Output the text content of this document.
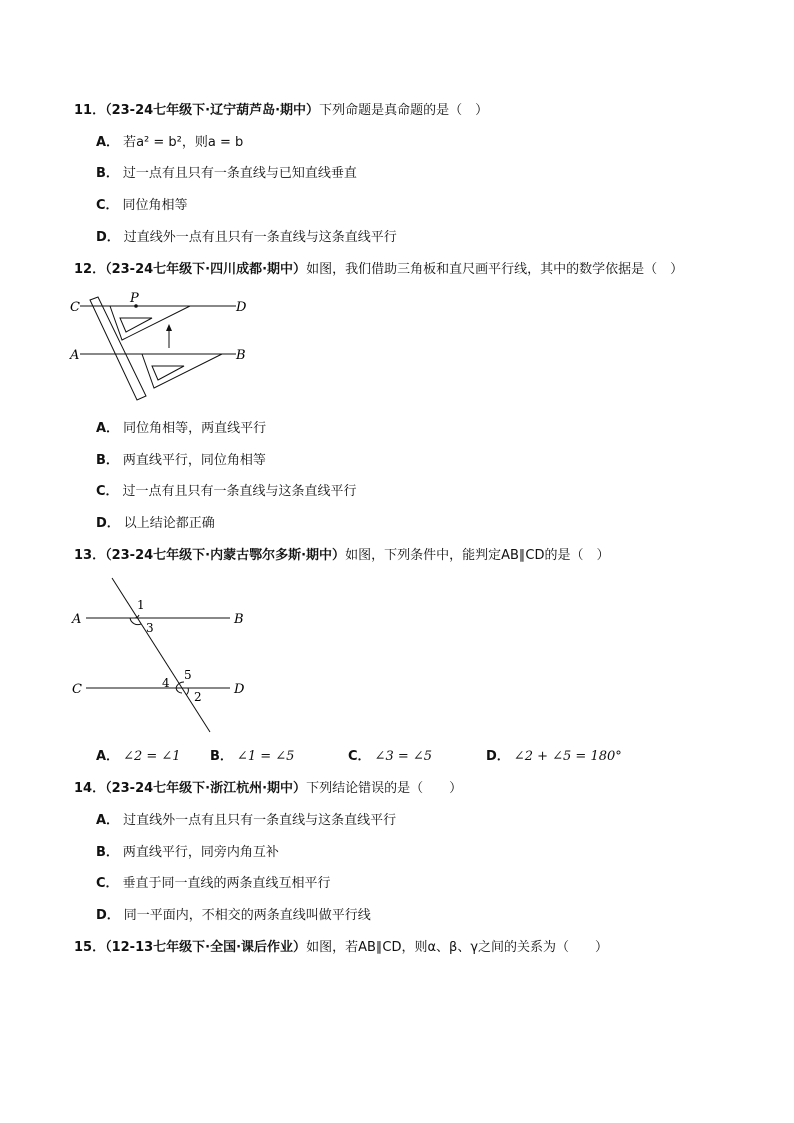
11．（23-24七年级下·辽宁葫芦岛·期中）下列命题是真命题的是（　）
A． 若a² = b²，则a = b
B． 过一点有且只有一条直线与已知直线垂直
C． 同位角相等
D． 过直线外一点有且只有一条直线与这条直线平行
12．（23-24七年级下·四川成都·期中）如图，我们借助三角板和直尺画平行线，其中的数学依据是（　）
C
P
D
A	B
A． 同位角相等，两直线平行
B． 两直线平行，同位角相等
C． 过一点有且只有一条直线与这条直线平行
D． 以上结论都正确
13．（23-24七年级下·内蒙古鄂尔多斯·期中）如图，下列条件中，能判定AB∥CD的是（　）
A	B
C	D
1
3
4
5
2
A． ∠2 = ∠1 B． ∠1 = ∠5	C． ∠3 = ∠5	D． ∠2 + ∠5 = 180°
14．（23-24七年级下·浙江杭州·期中）下列结论错误的是（　　）
A． 过直线外一点有且只有一条直线与这条直线平行
B． 两直线平行，同旁内角互补
C． 垂直于同一直线的两条直线互相平行
D． 同一平面内，不相交的两条直线叫做平行线
15．（12-13七年级下·全国·课后作业）如图，若AB∥CD，则α、β、γ之间的关系为（　　）
